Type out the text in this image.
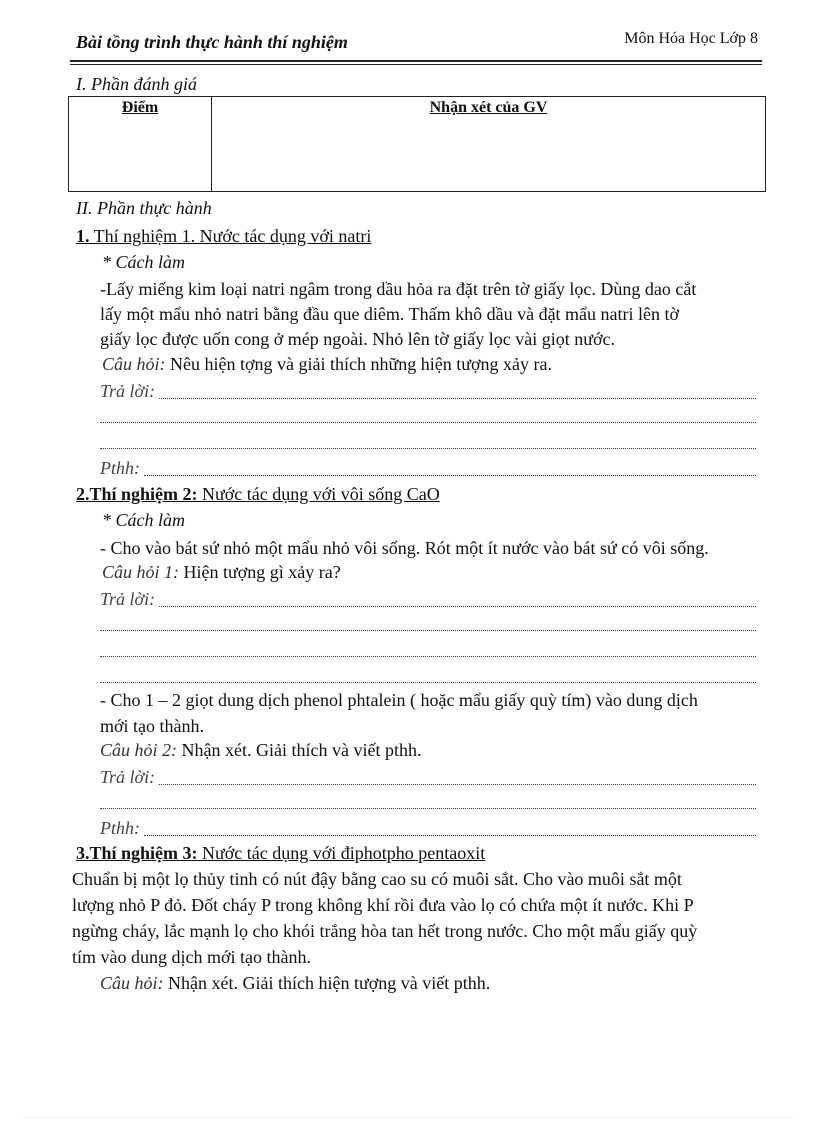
Bài tồng trình thực hành thí nghiệm	Môn Hóa Học Lớp 8
I. Phần đánh giá
Điểm	Nhận xét của GV
II. Phần thực hành
1. Thí nghiệm 1. Nước tác dụng với natri
* Cách làm
-Lấy miếng kim loại natri ngâm trong dầu hỏa ra đặt trên tờ giấy lọc. Dùng dao cắt
lấy một mẩu nhỏ natri bằng đầu que diêm. Thấm khô dầu và đặt mẩu natri lên tờ
giấy lọc được uốn cong ở mép ngoài. Nhỏ lên tờ giấy lọc vài giọt nước.
Câu hỏi: Nêu hiện tợng và giải thích những hiện tượng xảy ra.
Trả lời:
Pthh:
2.Thí nghiệm 2: Nước tác dụng với vôi sống CaO
* Cách làm
- Cho vào bát sứ nhỏ một mẩu nhỏ vôi sống. Rót một ít nước vào bát sứ có vôi sống.
Câu hỏi 1: Hiện tượng gì xảy ra?
Trả lời:
- Cho 1 – 2 giọt dung dịch phenol phtalein ( hoặc mẩu giấy quỳ tím) vào dung dịch
mới tạo thành.
Câu hỏi 2: Nhận xét. Giải thích và viết pthh.
Trả lời:
Pthh:
3.Thí nghiệm 3: Nước tác dụng với điphotpho pentaoxit
Chuẩn bị một lọ thủy tinh có nút đậy bằng cao su có muôi sắt. Cho vào muôi sắt một
lượng nhỏ P đỏ. Đốt cháy P trong không khí rồi đưa vào lọ có chứa một ít nước. Khi P
ngừng cháy, lắc mạnh lọ cho khói trắng hòa tan hết trong nước. Cho một mẩu giấy quỳ
tím vào dung dịch mới tạo thành.
Câu hỏi: Nhận xét. Giải thích hiện tượng và viết pthh.
